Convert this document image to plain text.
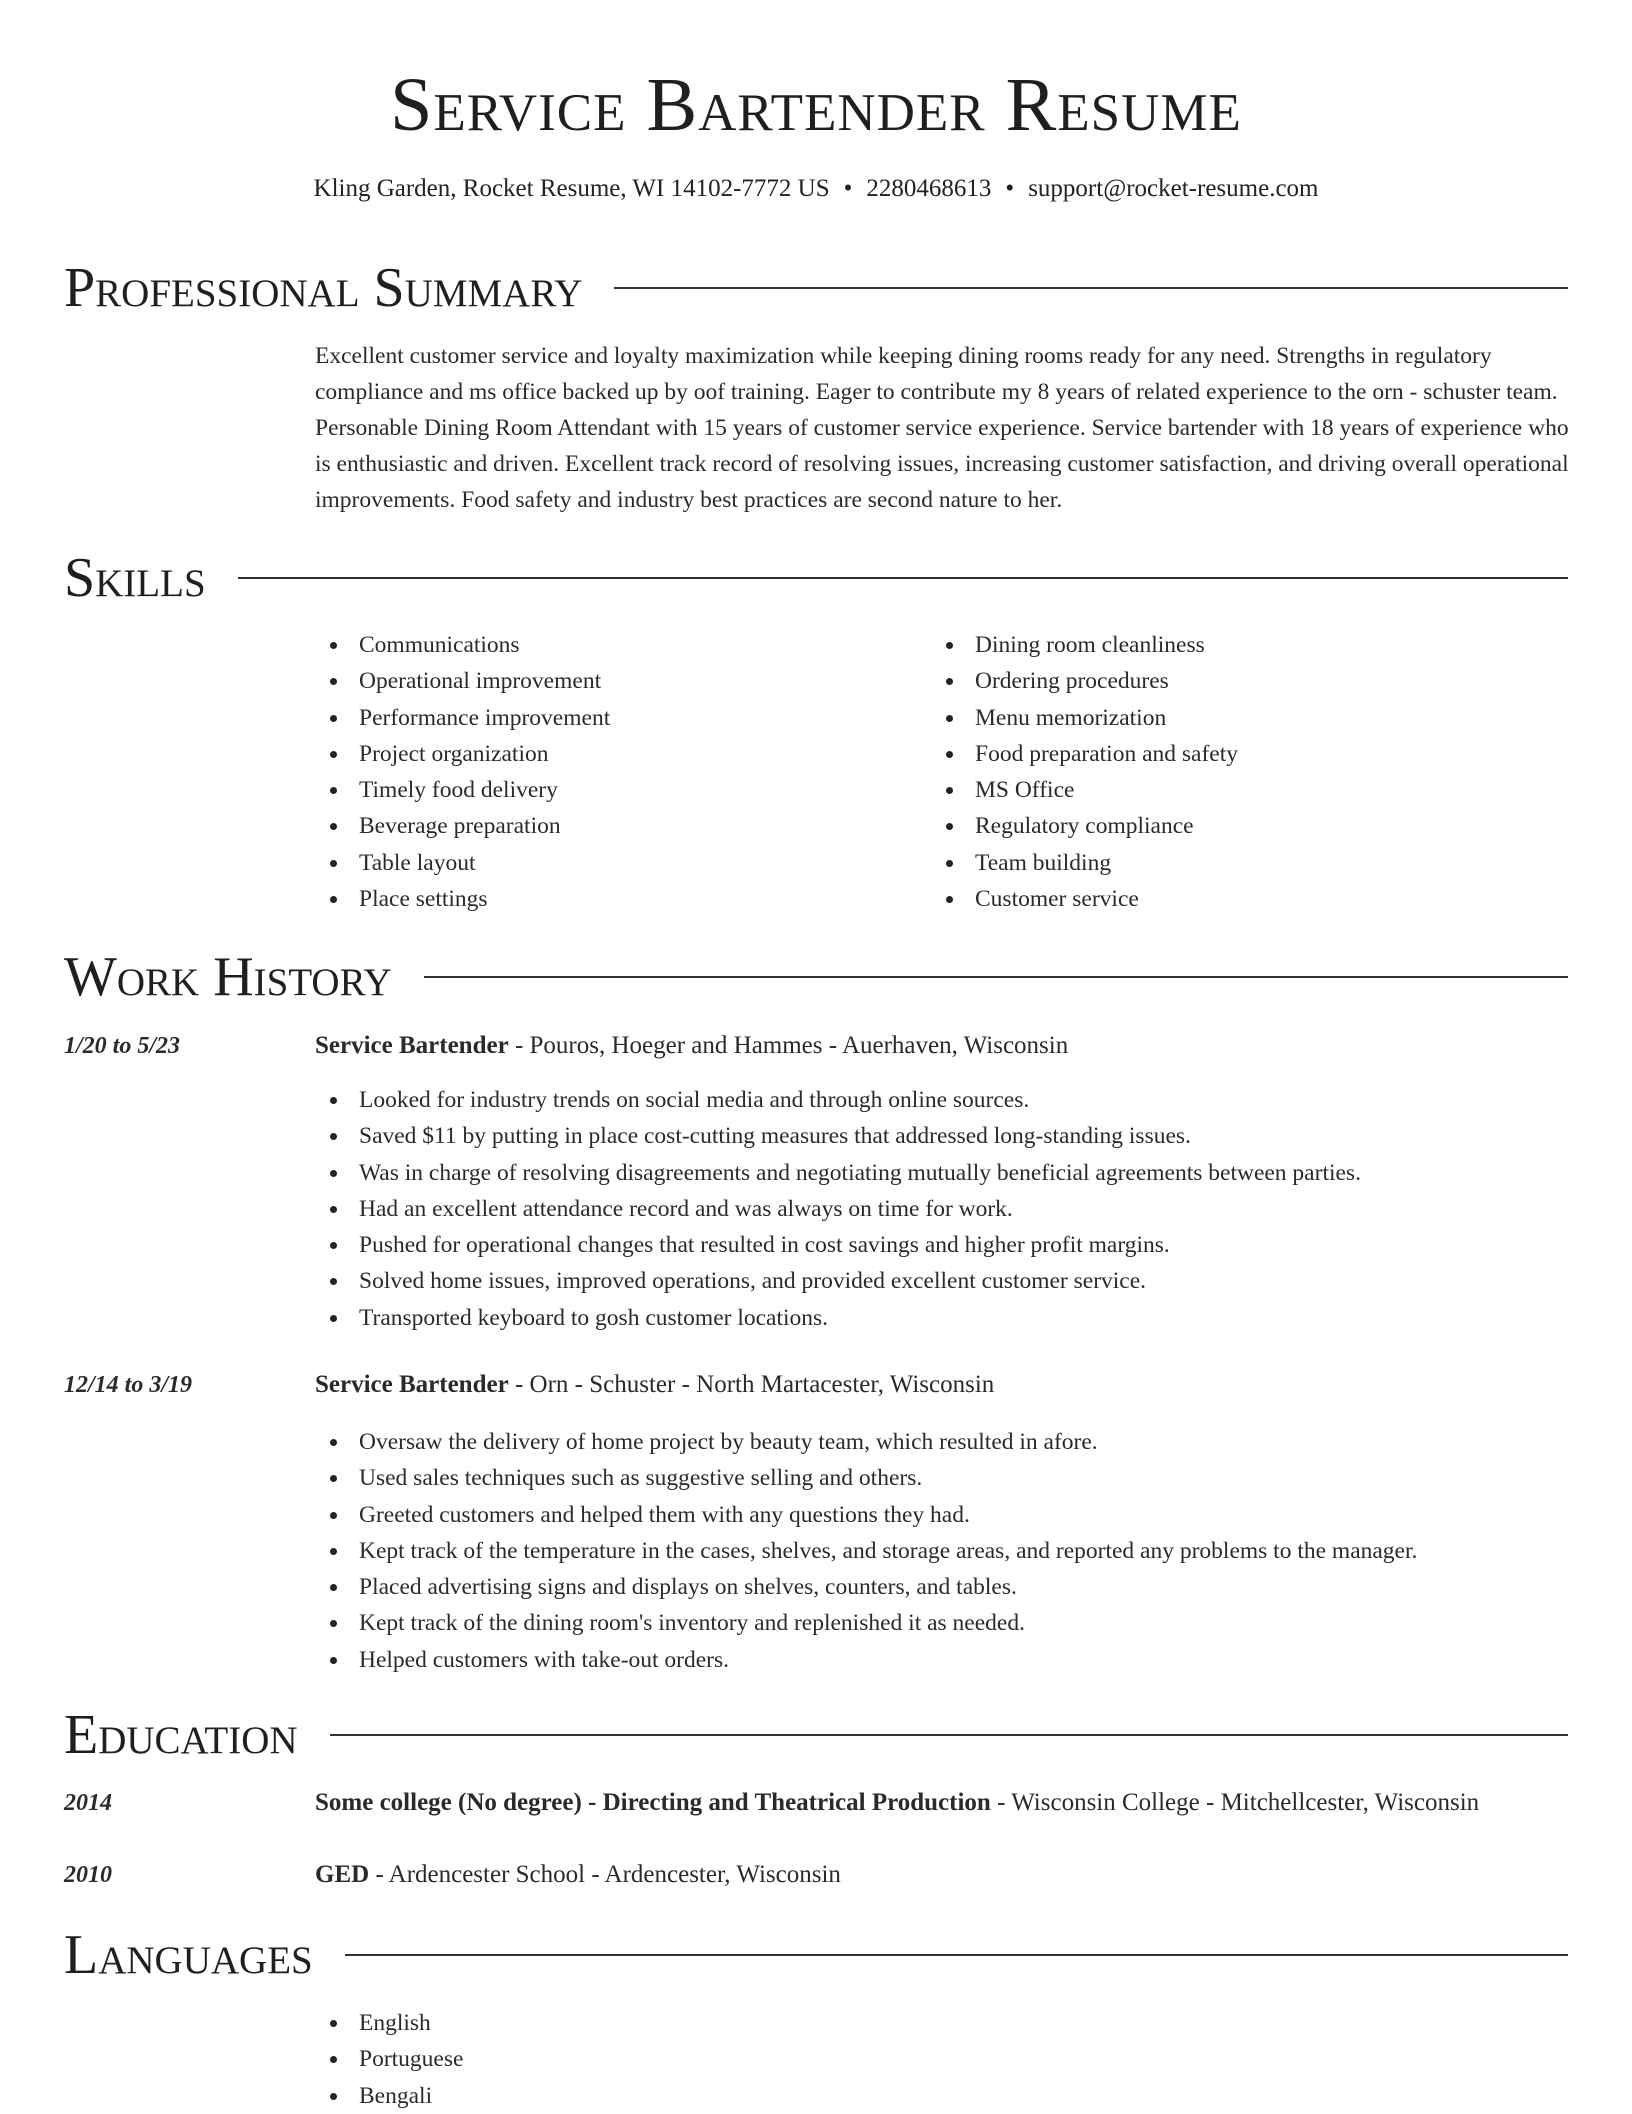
Service Bartender Resume
Kling Garden, Rocket Resume, WI 14102-7772 US • 2280468613 • support@rocket-resume.com
Professional Summary

Excellent customer service and loyalty maximization while keeping dining rooms ready for any need. Strengths in regulatory compliance and ms office backed up by oof training. Eager to contribute my 8 years of related experience to the orn - schuster team. Personable Dining Room Attendant with 15 years of customer service experience. Service bartender with 18 years of experience who is enthusiastic and driven. Excellent track record of resolving issues, increasing customer satisfaction, and driving overall operational improvements. Food safety and industry best practices are second nature to her.

Skills
Communications
Operational improvement
Performance improvement
Project organization
Timely food delivery
Beverage preparation
Table layout
Place settings
Dining room cleanliness
Ordering procedures
Menu memorization
Food preparation and safety
MS Office
Regulatory compliance
Team building
Customer service
Work History
1/20 to 5/23	Service Bartender - Pouros, Hoeger and Hammes - Auerhaven, Wisconsin
Looked for industry trends on social media and through online sources.
Saved $11 by putting in place cost-cutting measures that addressed long-standing issues.
Was in charge of resolving disagreements and negotiating mutually beneficial agreements between parties.
Had an excellent attendance record and was always on time for work.
Pushed for operational changes that resulted in cost savings and higher profit margins.
Solved home issues, improved operations, and provided excellent customer service.
Transported keyboard to gosh customer locations.
12/14 to 3/19	Service Bartender - Orn - Schuster - North Martacester, Wisconsin
Oversaw the delivery of home project by beauty team, which resulted in afore.
Used sales techniques such as suggestive selling and others.
Greeted customers and helped them with any questions they had.
Kept track of the temperature in the cases, shelves, and storage areas, and reported any problems to the manager.
Placed advertising signs and displays on shelves, counters, and tables.
Kept track of the dining room's inventory and replenished it as needed.
Helped customers with take-out orders.
Education
2014	Some college (No degree) - Directing and Theatrical Production - Wisconsin College - Mitchellcester, Wisconsin
2010	GED - Ardencester School - Ardencester, Wisconsin
Languages
English
Portuguese
Bengali
